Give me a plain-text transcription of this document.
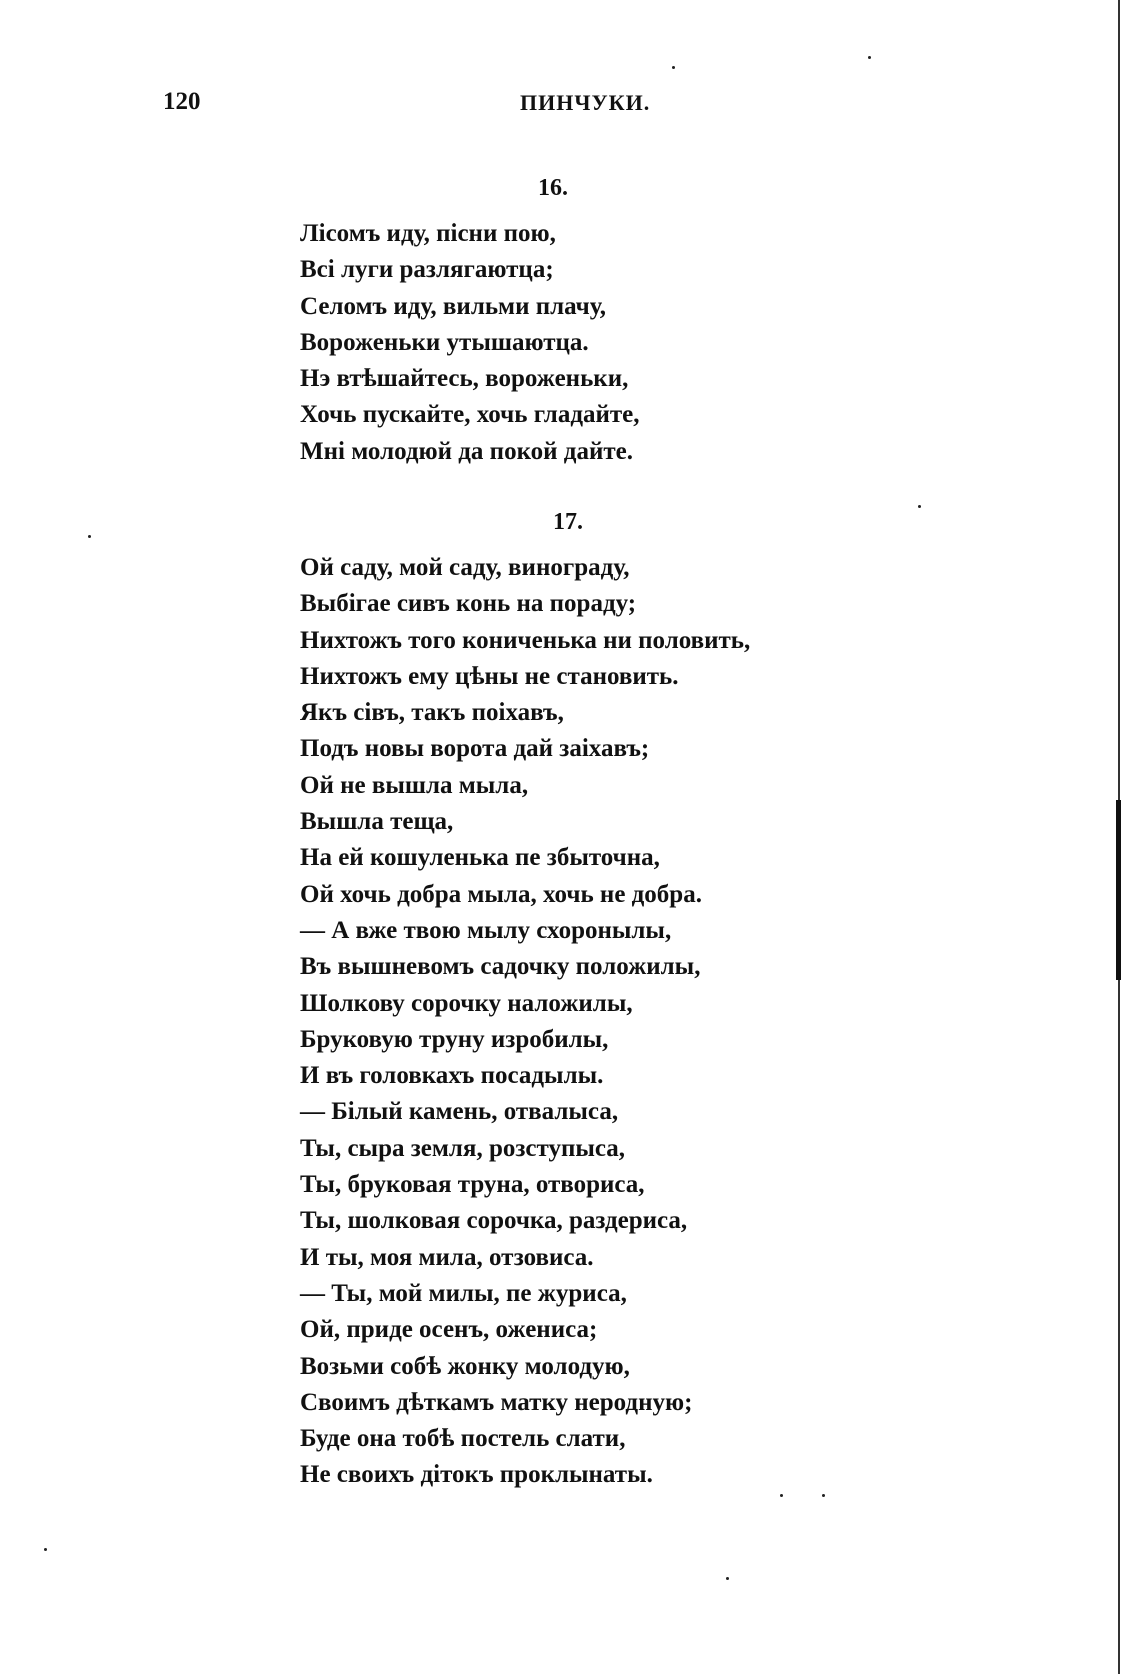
120	ПИНЧУКИ.
16.
Лісомъ иду, пісни пою,
Всі луги разлягаютца;
Селомъ иду, вильми плачу,
Вороженьки утышаютца.
Нэ втѣшайтесь, вороженьки,
Хочь пускайте, хочь гладайте,
Мні молодюй да покой дайте.
17.
Ой саду, мой саду, винограду,
Выбігае сивъ конь на пораду;
Нихтожъ того кониченька ни половить,
Нихтожъ ему цѣны не становить.
Якъ сівъ, такъ поіхавъ,
Подъ новы ворота дай заіхавъ;
Ой не вышла мыла,
Вышла теща,
На ей кошуленька пе збыточна,
Ой хочь добра мыла, хочь не добра.
— А вже твою мылу схоронылы,
Въ вышневомъ садочку положилы,
Шолкову сорочку наложилы,
Бруковую труну изробилы,
И въ головкахъ посадылы.
— Білый камень, отвалыса,
Ты, сыра земля, розступыса,
Ты, бруковая труна, отвориса,
Ты, шолковая сорочка, раздериса,
И ты, моя мила, отзовиса.
— Ты, мой милы, пе журиса,
Ой, приде осенъ, ожениса;
Возьми собѣ жонку молодую,
Своимъ дѣткамъ матку неродную;
Буде она тобѣ постель слати,
Не своихъ дітокъ проклынаты.
